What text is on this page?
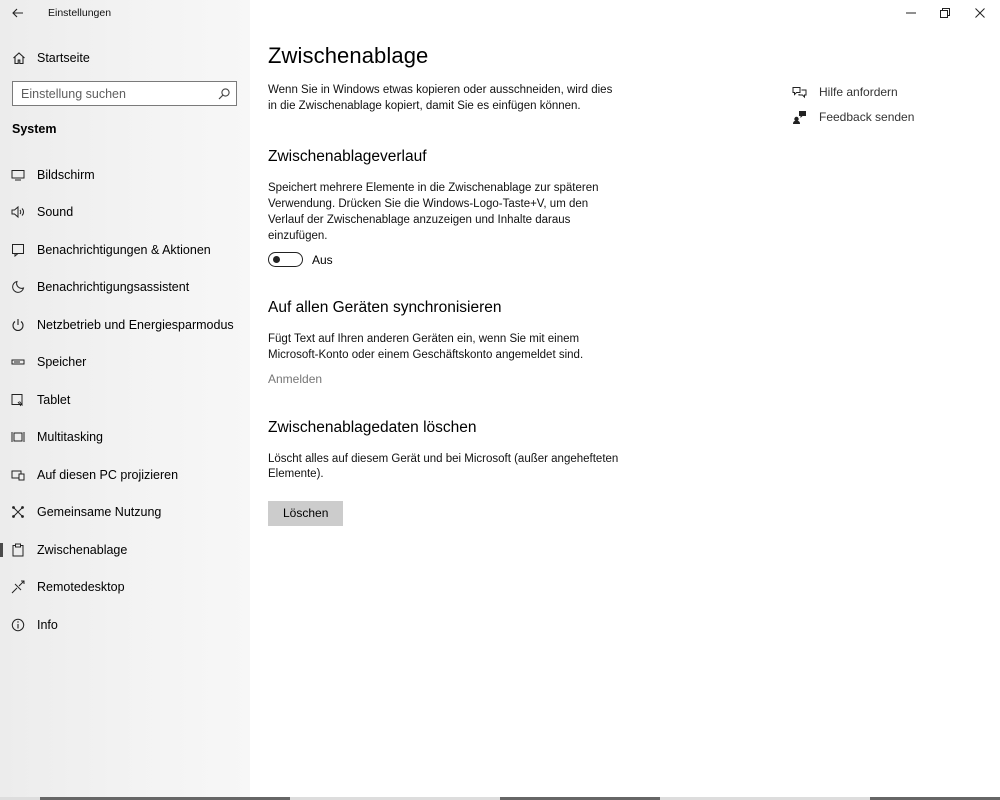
Einstellungen
Startseite
Einstellung suchen
System
Bildschirm
Sound
Benachrichtigungen & Aktionen
Benachrichtigungsassistent
Netzbetrieb und Energiesparmodus
Speicher
Tablet
Multitasking
Auf diesen PC projizieren
Gemeinsame Nutzung
Zwischenablage
Remotedesktop
Info
Zwischenablage

Wenn Sie in Windows etwas kopieren oder ausschneiden, wird dies in die Zwischenablage kopiert, damit Sie es einfügen können.

Zwischenablageverlauf

Speichert mehrere Elemente in die Zwischenablage zur späteren Verwendung. Drücken Sie die Windows-Logo-Taste+V, um den Verlauf der Zwischenablage anzuzeigen und Inhalte daraus einzufügen.

Aus
Auf allen Geräten synchronisieren

Fügt Text auf Ihren anderen Geräten ein, wenn Sie mit einem Microsoft-Konto oder einem Geschäftskonto angemeldet sind.

Anmelden
Zwischenablagedaten löschen

Löscht alles auf diesem Gerät und bei Microsoft (außer angehefteten Elemente).

Löschen
Hilfe anfordern
Feedback senden
